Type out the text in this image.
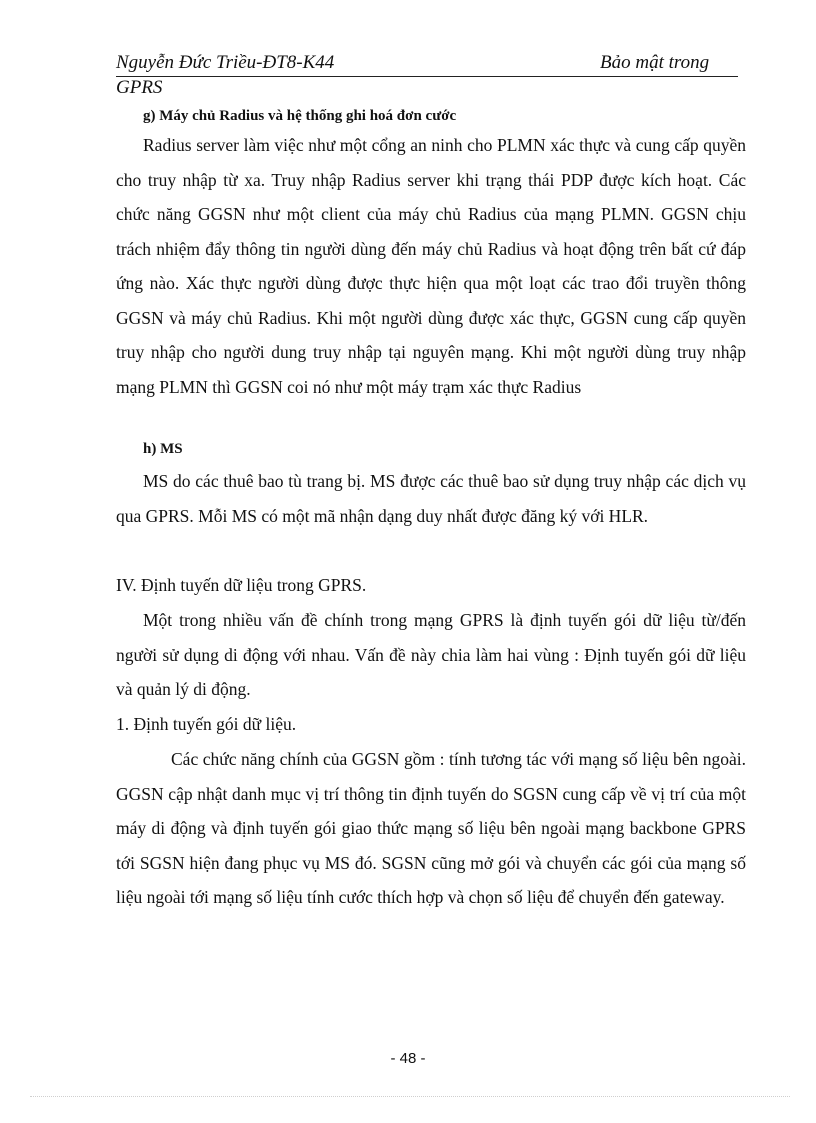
Nguyễn Đức Triều-ĐT8-K44	Bảo mật trong
GPRS

g) Máy chủ Radius và hệ thống ghi hoá đơn cước

Radius server làm việc như một cổng an ninh cho PLMN xác thực và cung cấp quyền cho truy nhập từ xa. Truy nhập Radius server khi trạng thái PDP được kích hoạt. Các chức năng GGSN như một client của máy chủ Radius của mạng PLMN. GGSN chịu trách nhiệm đẩy thông tin người dùng đến máy chủ Radius và hoạt động trên bất cứ đáp ứng nào. Xác thực người dùng được thực hiện qua một loạt các trao đổi truyền thông GGSN và máy chủ Radius. Khi một người dùng được xác thực, GGSN cung cấp quyền truy nhập cho người dung truy nhập tại nguyên mạng. Khi một người dùng truy nhập mạng PLMN thì GGSN coi nó như một máy trạm xác thực Radius

h) MS

MS do các thuê bao tù trang bị. MS được các thuê bao sử dụng truy nhập các dịch vụ qua GPRS. Mỗi MS có một mã nhận dạng duy nhất được đăng ký với HLR.

IV. Định tuyến dữ liệu trong GPRS.

Một trong nhiều vấn đề chính trong mạng GPRS là định tuyến gói dữ liệu từ/đến người sử dụng di động với nhau. Vấn đề này chia làm hai vùng : Định tuyến gói dữ liệu và quản lý di động.

1. Định tuyến gói dữ liệu.

Các chức năng chính của GGSN gồm : tính tương tác với mạng số liệu bên ngoài. GGSN cập nhật danh mục vị trí thông tin định tuyến do SGSN cung cấp về vị trí của một máy di động và định tuyến gói giao thức mạng số liệu bên ngoài mạng backbone GPRS tới SGSN hiện đang phục vụ MS đó. SGSN cũng mở gói và chuyển các gói của mạng số liệu ngoài tới mạng số liệu tính cước thích hợp và chọn số liệu để chuyển đến gateway.

- 48 -
